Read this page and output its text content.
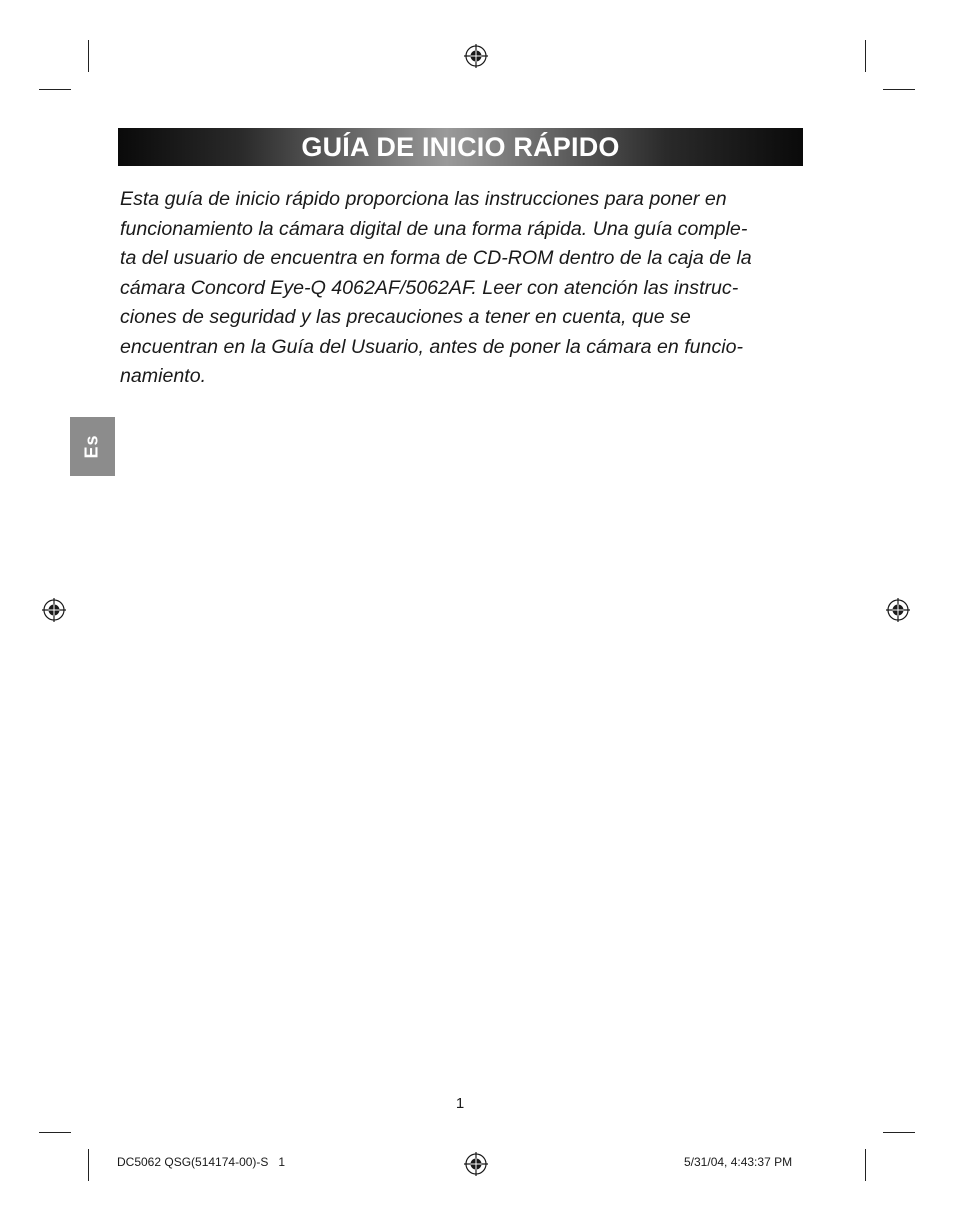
GUÍA DE INICIO RÁPIDO

Esta guía de inicio rápido proporciona las instrucciones para poner en
funcionamiento la cámara digital de una forma rápida. Una guía comple-
ta del usuario de encuentra en forma de CD-ROM dentro de la caja de la
cámara Concord Eye-Q 4062AF/5062AF. Leer con atención las instruc-
ciones de seguridad y las precauciones a tener en cuenta, que se
encuentran en la Guía del Usuario, antes de poner la cámara en funcio-
namiento.

Es
1
DC5062 QSG(514174-00)-S   1	5/31/04, 4:43:37 PM
